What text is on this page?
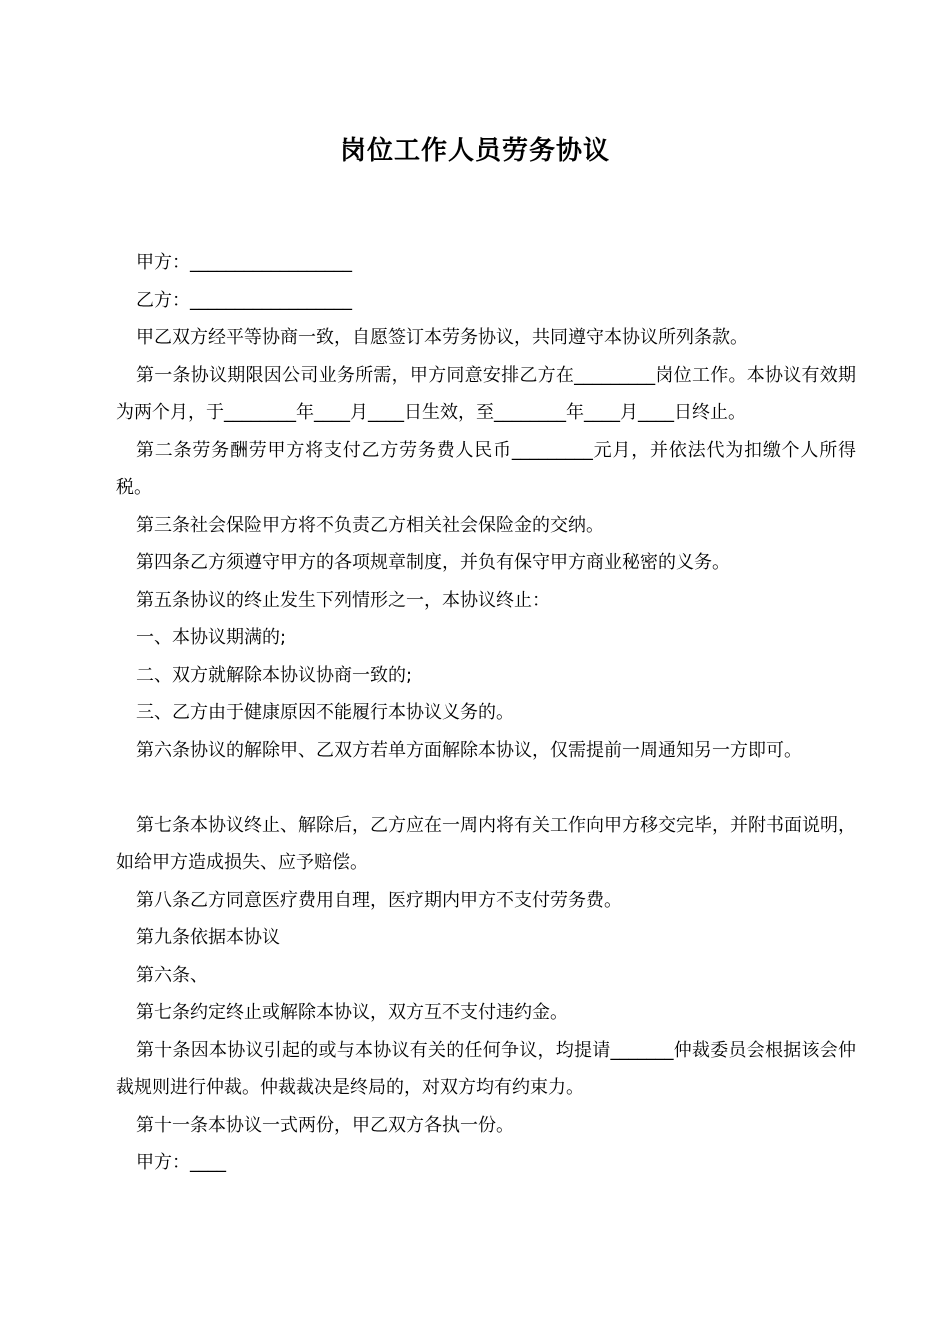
岗位工作人员劳务协议

甲方：__________________

乙方：__________________

甲乙双方经平等协商一致，自愿签订本劳务协议，共同遵守本协议所列条款。

第一条协议期限因公司业务所需，甲方同意安排乙方在_________岗位工作。本协议有效期为两个月，于________年____月____日生效，至________年____月____日终止。

第二条劳务酬劳甲方将支付乙方劳务费人民币_________元月，并依法代为扣缴个人所得税。

第三条社会保险甲方将不负责乙方相关社会保险金的交纳。

第四条乙方须遵守甲方的各项规章制度，并负有保守甲方商业秘密的义务。

第五条协议的终止发生下列情形之一，本协议终止：

一、本协议期满的;

二、双方就解除本协议协商一致的;

三、乙方由于健康原因不能履行本协议义务的。

第六条协议的解除甲、乙双方若单方面解除本协议，仅需提前一周通知另一方即可。

第七条本协议终止、解除后，乙方应在一周内将有关工作向甲方移交完毕，并附书面说明，如给甲方造成损失、应予赔偿。

第八条乙方同意医疗费用自理，医疗期内甲方不支付劳务费。

第九条依据本协议

第六条、

第七条约定终止或解除本协议，双方互不支付违约金。

第十条因本协议引起的或与本协议有关的任何争议，均提请_______仲裁委员会根据该会仲裁规则进行仲裁。仲裁裁决是终局的，对双方均有约束力。

第十一条本协议一式两份，甲乙双方各执一份。

甲方：____
